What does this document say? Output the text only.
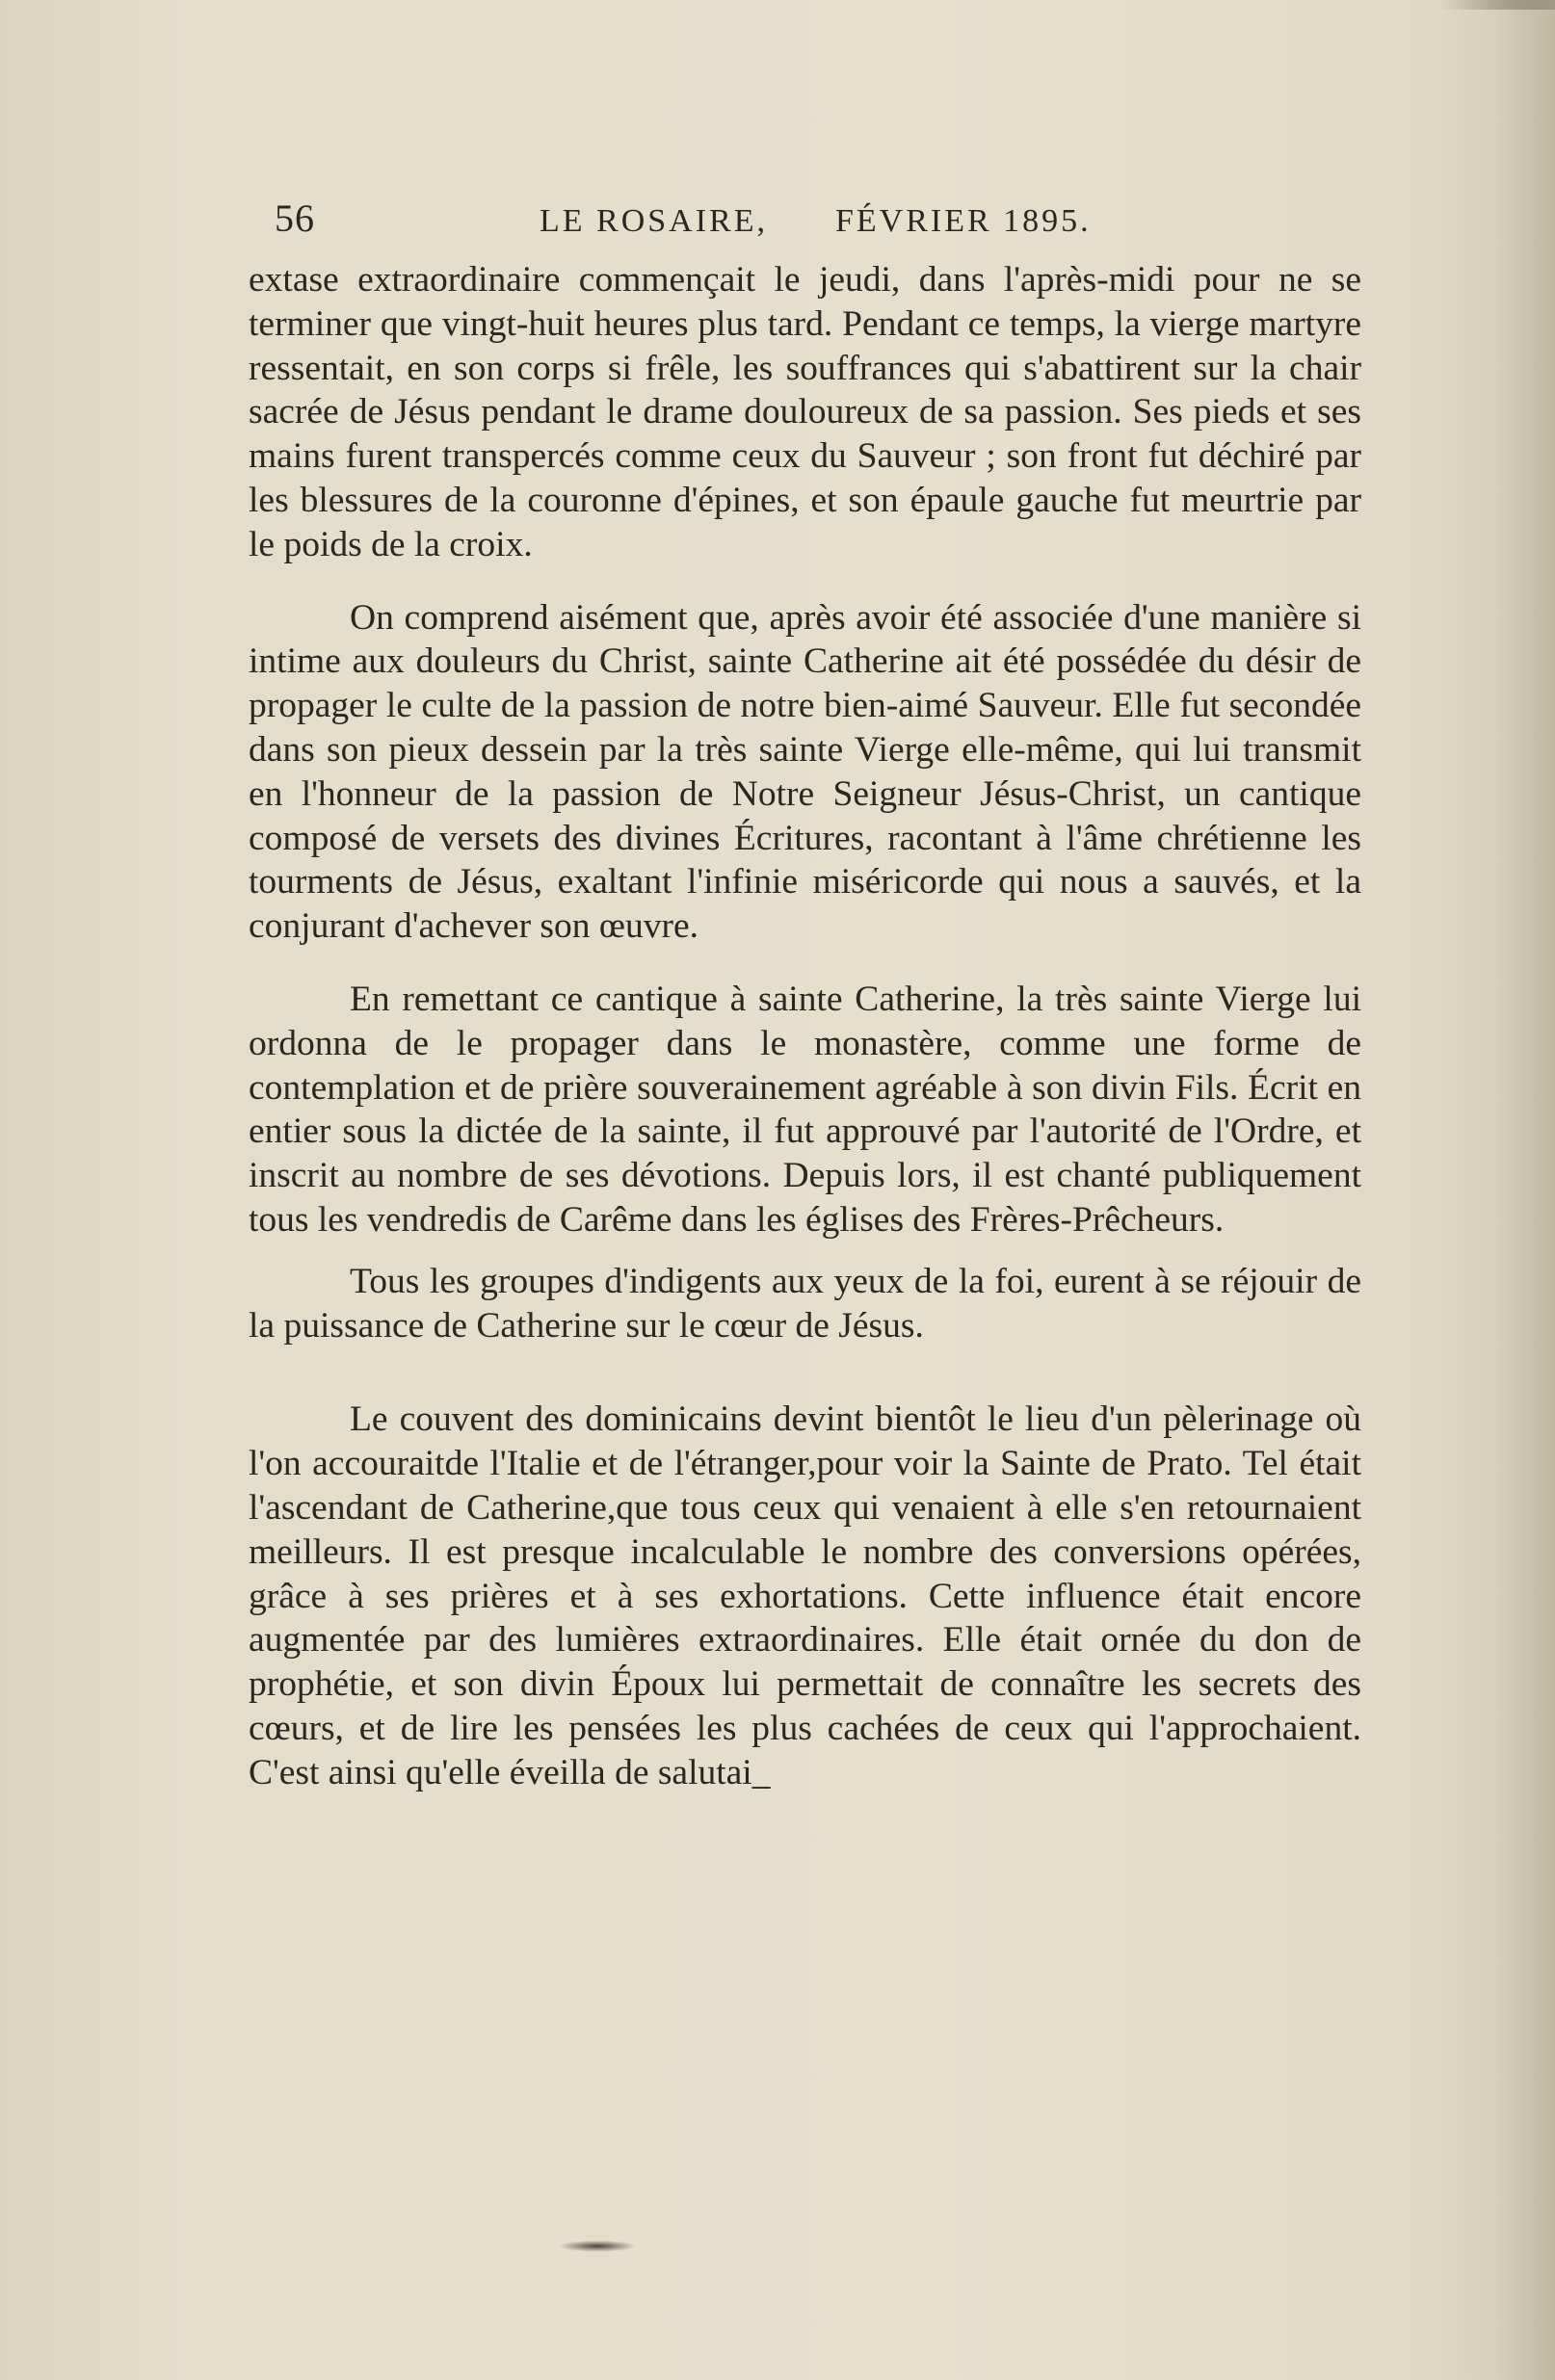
56	LE ROSAIRE, FÉVRIER 1895.

extase extraordinaire commençait le jeudi, dans l'après-midi pour ne se terminer que vingt-huit heures plus tard. Pendant ce temps, la vierge martyre ressentait, en son corps si frêle, les souffrances qui s'abattirent sur la chair sacrée de Jésus pendant le drame douloureux de sa passion. Ses pieds et ses mains furent transpercés comme ceux du Sauveur ; son front fut déchiré par les blessures de la couronne d'épines, et son épaule gauche fut meurtrie par le poids de la croix.

On comprend aisément que, après avoir été associée d'une manière si intime aux douleurs du Christ, sainte Catherine ait été possédée du désir de propager le culte de la passion de notre bien-aimé Sauveur. Elle fut secondée dans son pieux dessein par la très sainte Vierge elle-même, qui lui transmit en l'honneur de la passion de Notre Seigneur Jésus-Christ, un cantique composé de versets des divines Écritures, racontant à l'âme chrétienne les tourments de Jésus, exaltant l'infinie miséricorde qui nous a sauvés, et la conjurant d'achever son œuvre.

En remettant ce cantique à sainte Catherine, la très sainte Vierge lui ordonna de le propager dans le monastère, comme une forme de contemplation et de prière souverainement agréable à son divin Fils. Écrit en entier sous la dictée de la sainte, il fut approuvé par l'autorité de l'Ordre, et inscrit au nombre de ses dévotions. Depuis lors, il est chanté publiquement tous les vendredis de Carême dans les églises des Frères-Prêcheurs.

Tous les groupes d'indigents aux yeux de la foi, eurent à se réjouir de la puissance de Catherine sur le cœur de Jésus.

Le couvent des dominicains devint bientôt le lieu d'un pèlerinage où l'on accouraitde l'Italie et de l'étranger,pour voir la Sainte de Prato. Tel était l'ascendant de Catherine,que tous ceux qui venaient à elle s'en retournaient meilleurs. Il est presque incalculable le nombre des conversions opérées, grâce à ses prières et à ses exhortations. Cette influence était encore augmentée par des lumières extraordinaires. Elle était ornée du don de prophétie, et son divin Époux lui permettait de connaître les secrets des cœurs, et de lire les pensées les plus cachées de ceux qui l'approchaient. C'est ainsi qu'elle éveilla de salutai_
